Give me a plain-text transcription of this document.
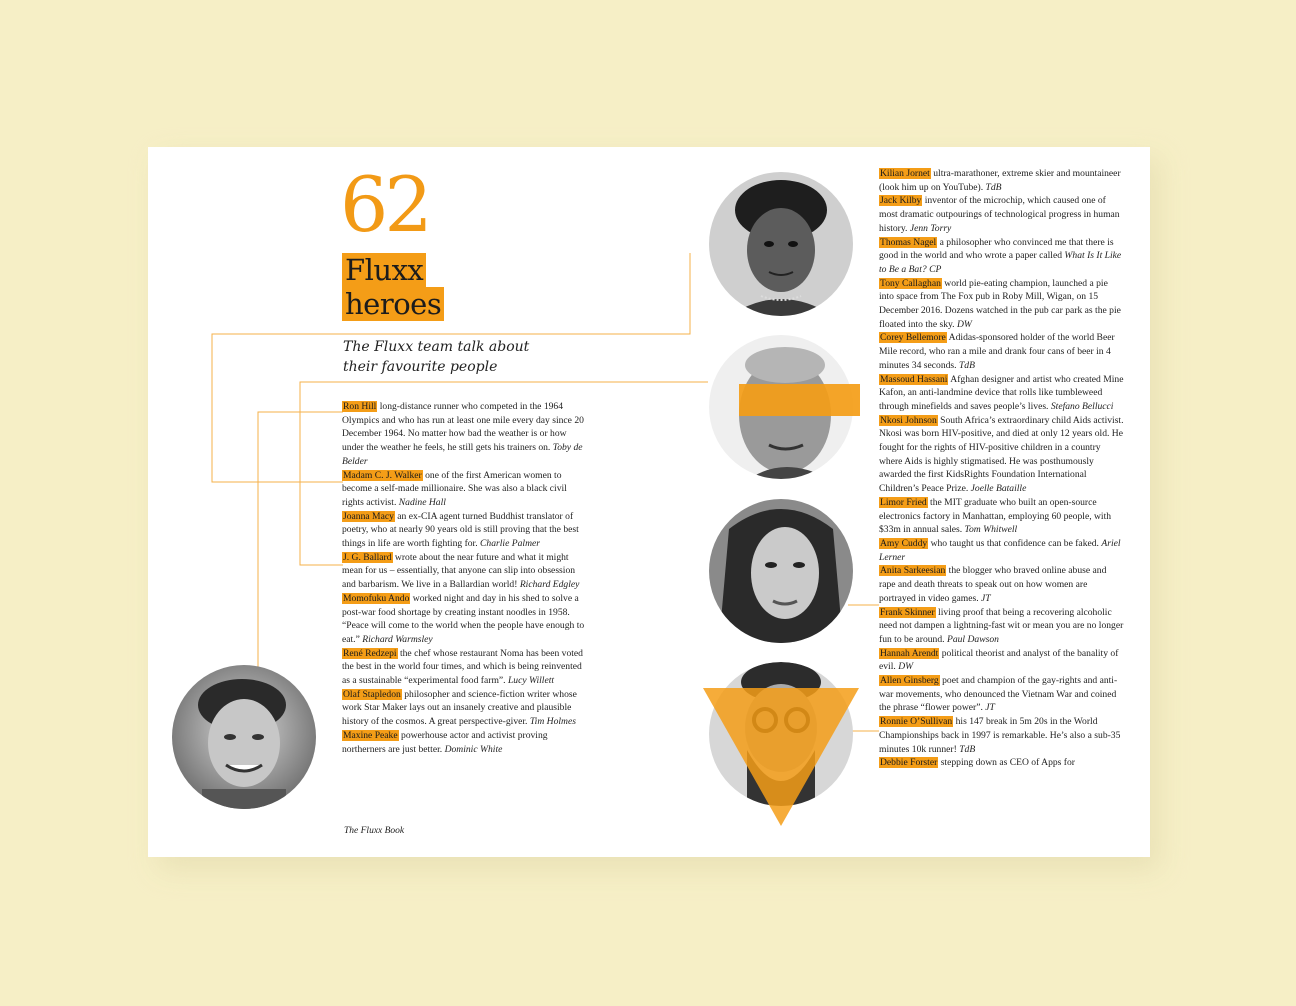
62
Fluxx
heroes
The Fluxx team talk about their favourite people

Ron Hill long-distance runner who competed in the 1964 Olympics and who has run at least one mile every day since 20 December 1964. No matter how bad the weather is or how under the weather he feels, he still gets his trainers on. Toby de Belder

Madam C. J. Walker one of the first American women to become a self-made millionaire. She was also a black civil rights activist. Nadine Hall

Joanna Macy an ex-CIA agent turned Buddhist translator of poetry, who at nearly 90 years old is still proving that the best things in life are worth fighting for. Charlie Palmer

J. G. Ballard wrote about the near future and what it might mean for us – essentially, that anyone can slip into obsession and barbarism. We live in a Ballardian world! Richard Edgley

Momofuku Ando worked night and day in his shed to solve a post-war food shortage by creating instant noodles in 1958. “Peace will come to the world when the people have enough to eat.” Richard Warmsley

René Redzepi the chef whose restaurant Noma has been voted the best in the world four times, and which is being reinvented as a sustainable “experimental food farm”. Lucy Willett

Olaf Stapledon philosopher and science-fiction writer whose work Star Maker lays out an insanely creative and plausible history of the cosmos. A great perspective-giver. Tim Holmes

Maxine Peake powerhouse actor and activist proving northerners are just better. Dominic White

Kilian Jornet ultra-marathoner, extreme skier and mountaineer (look him up on YouTube). TdB

Jack Kilby inventor of the microchip, which caused one of most dramatic outpourings of technological progress in human history. Jenn Torry

Thomas Nagel a philosopher who convinced me that there is good in the world and who wrote a paper called What Is It Like to Be a Bat? CP

Tony Callaghan world pie-eating champion, launched a pie into space from The Fox pub in Roby Mill, Wigan, on 15 December 2016. Dozens watched in the pub car park as the pie floated into the sky. DW

Corey Bellemore Adidas-sponsored holder of the world Beer Mile record, who ran a mile and drank four cans of beer in 4 minutes 34 seconds. TdB

Massoud Hassani Afghan designer and artist who created Mine Kafon, an anti-landmine device that rolls like tumbleweed through minefields and saves people’s lives. Stefano Bellucci

Nkosi Johnson South Africa’s extraordinary child Aids activist. Nkosi was born HIV-positive, and died at only 12 years old. He fought for the rights of HIV-positive children in a country where Aids is highly stigmatised. He was posthumously awarded the first KidsRights Foundation International Children’s Peace Prize. Joelle Bataille

Limor Fried the MIT graduate who built an open-source electronics factory in Manhattan, employing 60 people, with $33m in annual sales. Tom Whitwell

Amy Cuddy who taught us that confidence can be faked. Ariel Lerner

Anita Sarkeesian the blogger who braved online abuse and rape and death threats to speak out on how women are portrayed in video games. JT

Frank Skinner living proof that being a recovering alcoholic need not dampen a lightning-fast wit or mean you are no longer fun to be around. Paul Dawson

Hannah Arendt political theorist and analyst of the banality of evil. DW

Allen Ginsberg poet and champion of the gay-rights and anti-war movements, who denounced the Vietnam War and coined the phrase “flower power”. JT

Ronnie O’Sullivan his 147 break in 5m 20s in the World Championships back in 1997 is remarkable. He’s also a sub-35 minutes 10k runner! TdB

Debbie Forster stepping down as CEO of Apps for

The Fluxx Book
